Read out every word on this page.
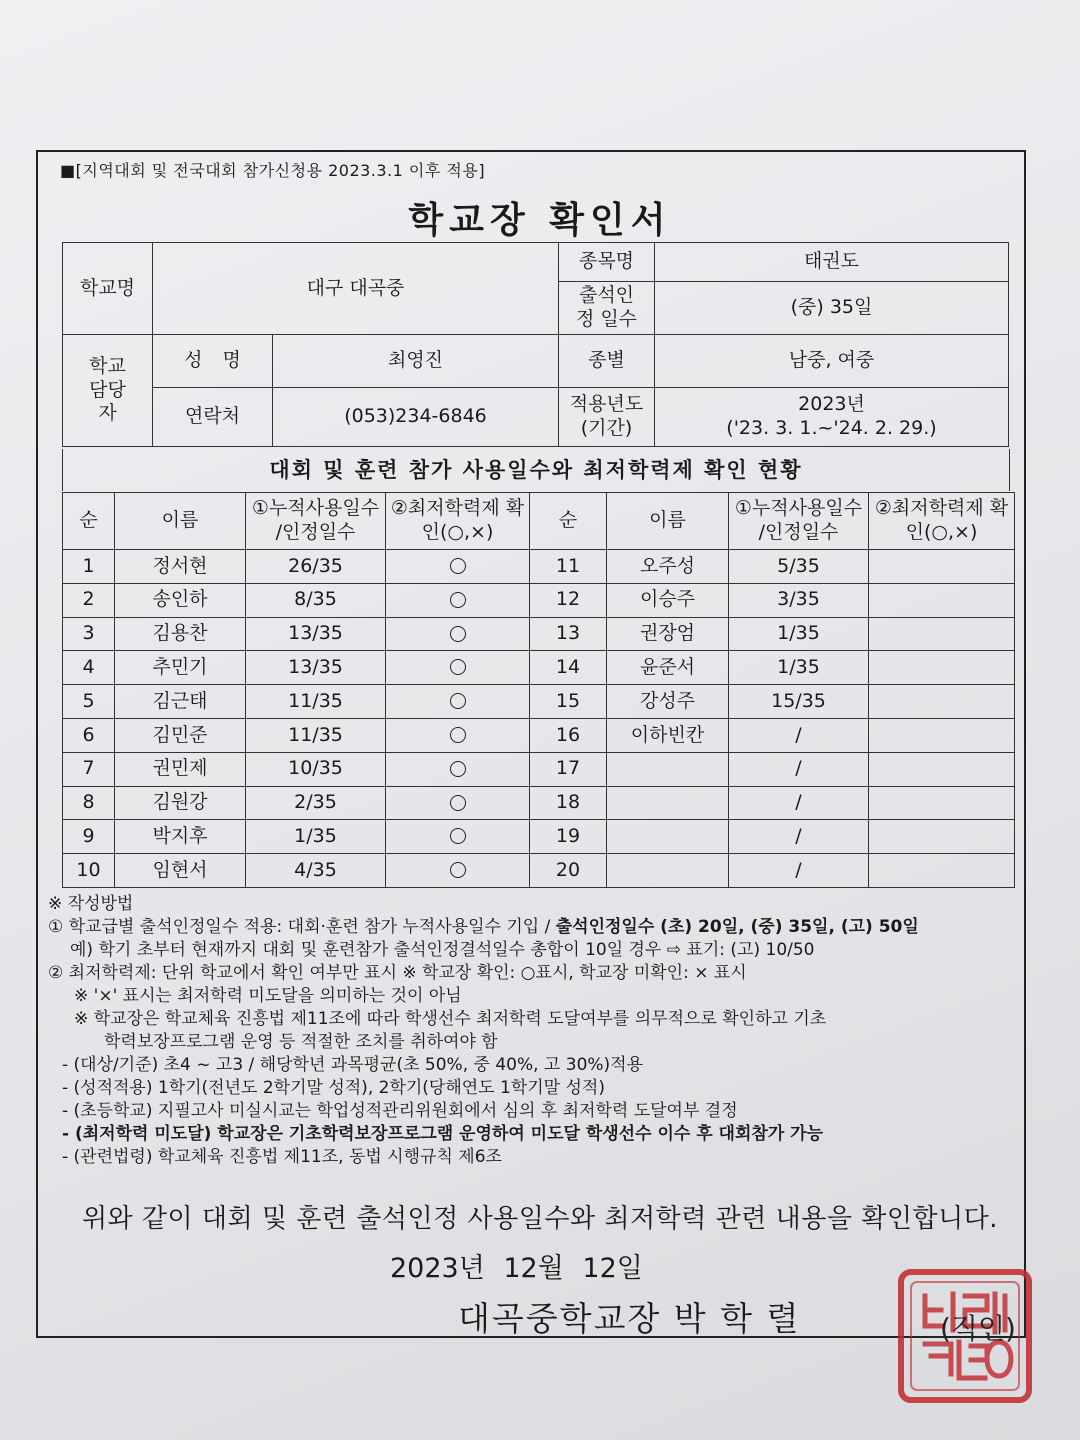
■[지역대회 및 전국대회 참가신청용 2023.3.1 이후 적용]
학교장 확인서
학교명	대구 대곡중		종목명	태권도
			출석인정 일수	(중) 35일
학교 담당자	성 명	최영진	종별	남중, 여중
	연락처	(053)234-6846	적용년도 (기간)	2023년
('23. 3. 1.~'24. 2. 29.)
대회 및 훈련 참가 사용일수와 최저학력제 확인 현황
순	이름	①누적사용일수 /인정일수	②최저학력제 확인(○,×)	순	이름	①누적사용일수 /인정일수	②최저학력제 확인(○,×)
1	정서현	26/35		11	오주성	5/35	
2	송인하	8/35		12	이승주	3/35	
3	김용찬	13/35		13	권장엄	1/35	
4	추민기	13/35		14	윤준서	1/35	
5	김근태	11/35		15	강성주	15/35	
6	김민준	11/35		16	이하빈칸	/	
7	권민제	10/35		17		/	
8	김원강	2/35		18		/	
9	박지후	1/35		19		/	
10	임현서	4/35		20		/	
※ 작성방법
① 학교급별 출석인정일수 적용: 대회·훈련 참가 누적사용일수 기입 / 출석인정일수 (초) 20일, (중) 35일, (고) 50일
예) 학기 초부터 현재까지 대회 및 훈련참가 출석인정결석일수 총합이 10일 경우 ⇨ 표기: (고) 10/50
② 최저학력제: 단위 학교에서 확인 여부만 표시 ※ 학교장 확인: ○표시, 학교장 미확인: × 표시
※ '×' 표시는 최저학력 미도달을 의미하는 것이 아님
※ 학교장은 학교체육 진흥법 제11조에 따라 학생선수 최저학력 도달여부를 의무적으로 확인하고 기초
학력보장프로그램 운영 등 적절한 조치를 취하여야 함
- (대상/기준) 초4 ~ 고3 / 해당학년 과목평균(초 50%, 중 40%, 고 30%)적용
- (성적적용) 1학기(전년도 2학기말 성적), 2학기(당해연도 1학기말 성적)
- (초등학교) 지필고사 미실시교는 학업성적관리위원회에서 심의 후 최저학력 도달여부 결정
- (최저학력 미도달) 학교장은 기초학력보장프로그램 운영하여 미도달 학생선수 이수 후 대회참가 가능
- (관련법령) 학교체육 진흥법 제11조, 동법 시행규칙 제6조
위와 같이 대회 및 훈련 출석인정 사용일수와 최저학력 관련 내용을 확인합니다.
2023년 12월 12일
대곡중학교장 박 학 렬	(직인)
